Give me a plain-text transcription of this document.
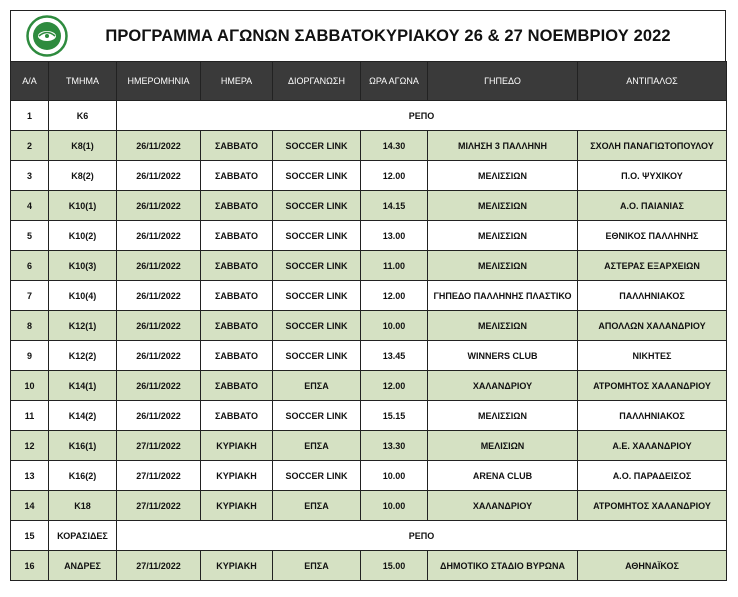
ΠΡΟΓΡΑΜΜΑ ΑΓΩΝΩΝ ΣΑΒΒΑΤΟΚΥΡΙΑΚΟΥ 26 & 27 ΝΟΕΜΒΡΙΟΥ 2022
Α/Α	ΤΜΗΜΑ	ΗΜΕΡΟΜΗΝΙΑ	ΗΜΕΡΑ	ΔΙΟΡΓΑΝΩΣΗ	ΩΡΑ ΑΓΩΝΑ	ΓΗΠΕΔΟ	ΑΝΤΙΠΑΛΟΣ
1	Κ6	ΡΕΠΟ					
2	Κ8(1)	26/11/2022	ΣΑΒΒΑΤΟ	SOCCER LINK	14.30	ΜΙΛΗΣΗ 3 ΠΑΛΛΗΝΗ	ΣΧΟΛΗ ΠΑΝΑΓΙΩΤΟΠΟΥΛΟΥ
3	Κ8(2)	26/11/2022	ΣΑΒΒΑΤΟ	SOCCER LINK	12.00	ΜΕΛΙΣΣΙΩΝ	Π.Ο. ΨΥΧΙΚΟΥ
4	Κ10(1)	26/11/2022	ΣΑΒΒΑΤΟ	SOCCER LINK	14.15	ΜΕΛΙΣΣΙΩΝ	Α.Ο. ΠΑΙΑΝΙΑΣ
5	Κ10(2)	26/11/2022	ΣΑΒΒΑΤΟ	SOCCER LINK	13.00	ΜΕΛΙΣΣΙΩΝ	ΕΘΝΙΚΟΣ ΠΑΛΛΗΝΗΣ
6	Κ10(3)	26/11/2022	ΣΑΒΒΑΤΟ	SOCCER LINK	11.00	ΜΕΛΙΣΣΙΩΝ	ΑΣΤΕΡΑΣ ΕΞΑΡΧΕΙΩΝ
7	Κ10(4)	26/11/2022	ΣΑΒΒΑΤΟ	SOCCER LINK	12.00	ΓΗΠΕΔΟ ΠΑΛΛΗΝΗΣ ΠΛΑΣΤΙΚΟ	ΠΑΛΛΗΝΙΑΚΟΣ
8	Κ12(1)	26/11/2022	ΣΑΒΒΑΤΟ	SOCCER LINK	10.00	ΜΕΛΙΣΣΙΩΝ	ΑΠΟΛΛΩΝ ΧΑΛΑΝΔΡΙΟΥ
9	Κ12(2)	26/11/2022	ΣΑΒΒΑΤΟ	SOCCER LINK	13.45	WINNERS CLUB	ΝΙΚΗΤΕΣ
10	Κ14(1)	26/11/2022	ΣΑΒΒΑΤΟ	ΕΠΣΑ	12.00	ΧΑΛΑΝΔΡΙΟΥ	ΑΤΡΟΜΗΤΟΣ ΧΑΛΑΝΔΡΙΟΥ
11	Κ14(2)	26/11/2022	ΣΑΒΒΑΤΟ	SOCCER LINK	15.15	ΜΕΛΙΣΣΙΩΝ	ΠΑΛΛΗΝΙΑΚΟΣ
12	Κ16(1)	27/11/2022	ΚΥΡΙΑΚΗ	ΕΠΣΑ	13.30	ΜΕΛΙΣΙΩΝ	Α.Ε. ΧΑΛΑΝΔΡΙΟΥ
13	Κ16(2)	27/11/2022	ΚΥΡΙΑΚΗ	SOCCER LINK	10.00	ARENA CLUB	Α.Ο. ΠΑΡΑΔΕΙΣΟΣ
14	Κ18	27/11/2022	ΚΥΡΙΑΚΗ	ΕΠΣΑ	10.00	ΧΑΛΑΝΔΡΙΟΥ	ΑΤΡΟΜΗΤΟΣ ΧΑΛΑΝΔΡΙΟΥ
15	ΚΟΡΑΣΙΔΕΣ	ΡΕΠΟ					
16	ΑΝΔΡΕΣ	27/11/2022	ΚΥΡΙΑΚΗ	ΕΠΣΑ	15.00	ΔΗΜΟΤΙΚΟ ΣΤΑΔΙΟ ΒΥΡΩΝΑ	ΑΘΗΝΑΪΚΟΣ
